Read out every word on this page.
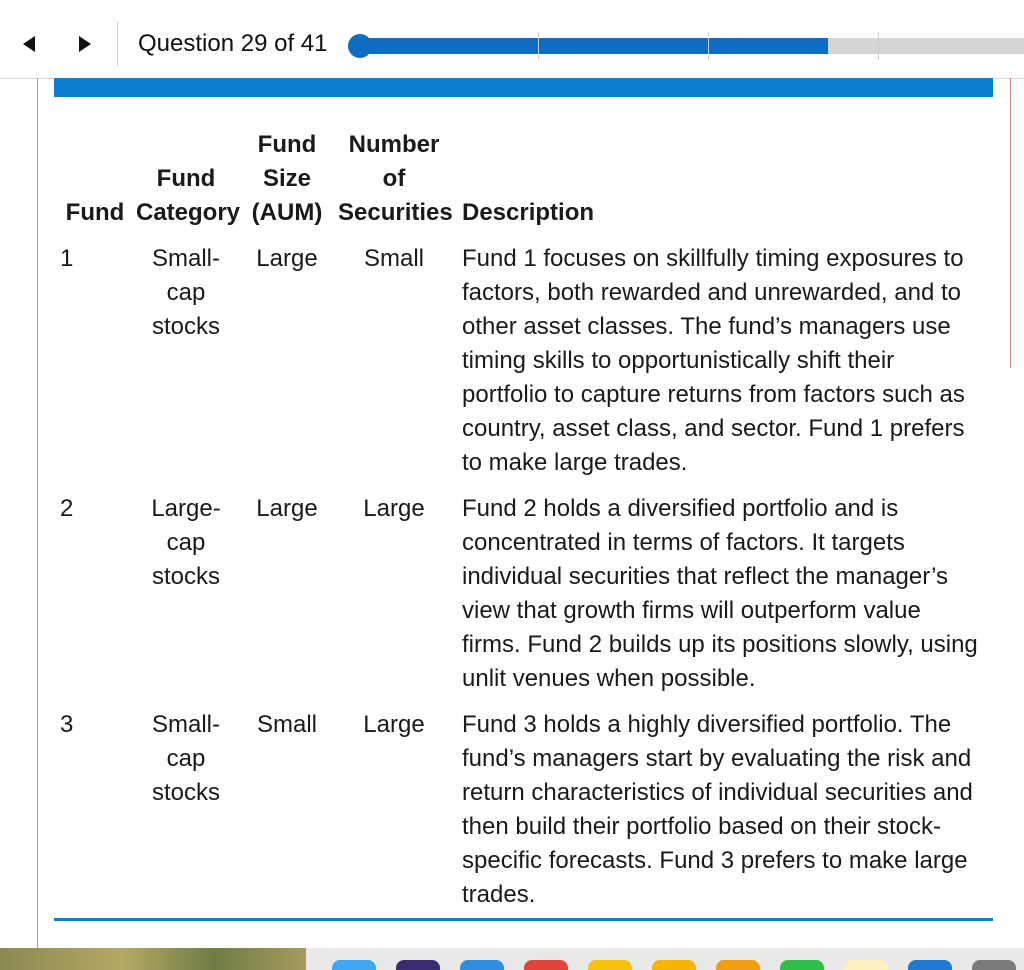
Question 29 of 41
Fund	Fund Category	Fund Size (AUM)	Number of Securities	Description
1	Small-cap stocks	Large	Small	Fund 1 focuses on skillfully timing exposures to factors, both rewarded and unrewarded, and to other asset classes. The fund’s managers use timing skills to opportunistically shift their portfolio to capture returns from factors such as country, asset class, and sector. Fund 1 prefers to make large trades.
2	Large-cap stocks	Large	Large	Fund 2 holds a diversified portfolio and is concentrated in terms of factors. It targets individual securities that reflect the manager’s view that growth firms will outperform value firms. Fund 2 builds up its positions slowly, using unlit venues when possible.
3	Small-cap stocks	Small	Large	Fund 3 holds a highly diversified portfolio. The fund’s managers start by evaluating the risk and return characteristics of individual securities and then build their portfolio based on their stock-specific forecasts. Fund 3 prefers to make large trades.
